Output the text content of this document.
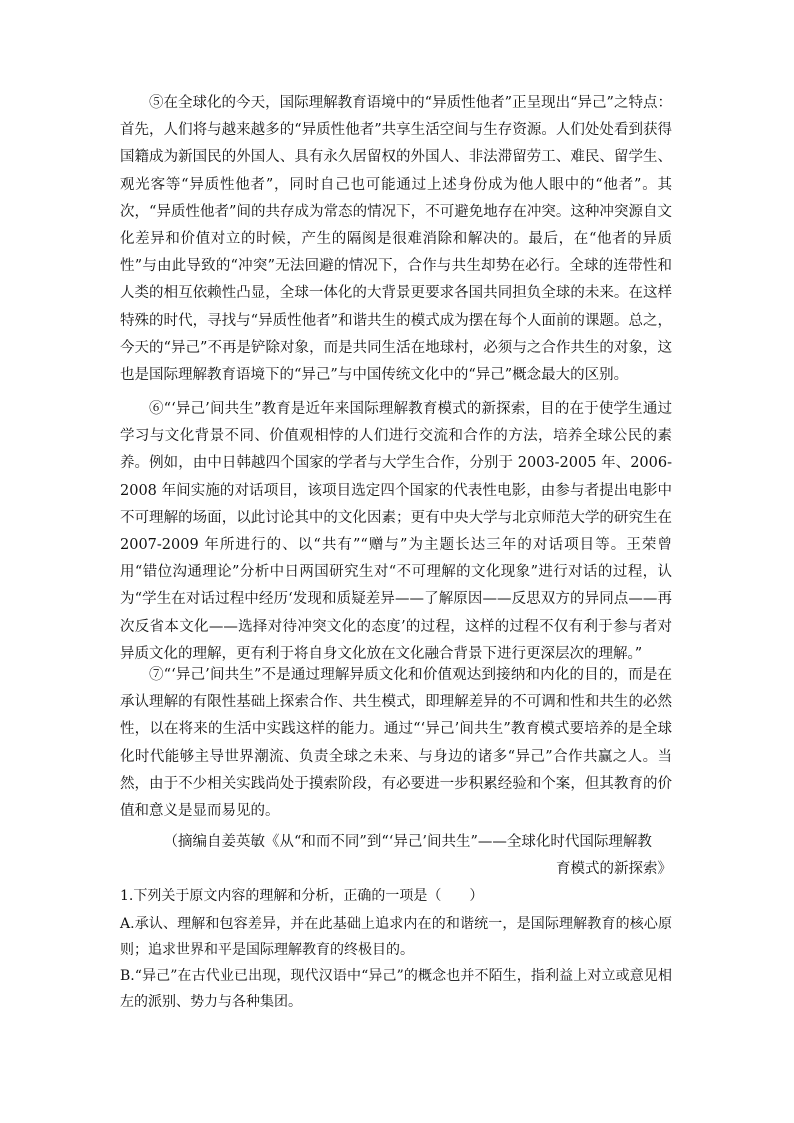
⑤在全球化的今天，国际理解教育语境中的“异质性他者”正呈现出“异己”之特点：首先，人们将与越来越多的“异质性他者”共享生活空间与生存资源。人们处处看到获得国籍成为新国民的外国人、具有永久居留权的外国人、非法滞留劳工、难民、留学生、观光客等“异质性他者”，同时自己也可能通过上述身份成为他人眼中的“他者”。其次，“异质性他者”间的共存成为常态的情况下，不可避免地存在冲突。这种冲突源自文化差异和价值对立的时候，产生的隔阂是很难消除和解决的。最后，在“他者的异质性”与由此导致的“冲突”无法回避的情况下，合作与共生却势在必行。全球的连带性和人类的相互依赖性凸显，全球一体化的大背景更要求各国共同担负全球的未来。在这样特殊的时代，寻找与“异质性他者”和谐共生的模式成为摆在每个人面前的课题。总之，今天的“异己”不再是铲除对象，而是共同生活在地球村，必须与之合作共生的对象，这也是国际理解教育语境下的“异己”与中国传统文化中的“异己”概念最大的区别。

⑥“‘异己’间共生”教育是近年来国际理解教育模式的新探索，目的在于使学生通过学习与文化背景不同、价值观相悖的人们进行交流和合作的方法，培养全球公民的素养。例如，由中日韩越四个国家的学者与大学生合作，分别于 2003-2005 年、2006-2008 年间实施的对话项目，该项目选定四个国家的代表性电影，由参与者提出电影中不可理解的场面，以此讨论其中的文化因素；更有中央大学与北京师范大学的研究生在 2007-2009 年所进行的、以“共有”“赠与”为主题长达三年的对话项目等。王荣曾用“错位沟通理论”分析中日两国研究生对“不可理解的文化现象”进行对话的过程，认为“学生在对话过程中经历‘发现和质疑差异——了解原因——反思双方的异同点——再次反省本文化——选择对待冲突文化的态度’的过程，这样的过程不仅有利于参与者对异质文化的理解，更有利于将自身文化放在文化融合背景下进行更深层次的理解。”

⑦“‘异己’间共生”不是通过理解异质文化和价值观达到接纳和内化的目的，而是在承认理解的有限性基础上探索合作、共生模式，即理解差异的不可调和性和共生的必然性，以在将来的生活中实践这样的能力。通过“‘异己’间共生”教育模式要培养的是全球化时代能够主导世界潮流、负责全球之未来、与身边的诸多“异己”合作共赢之人。当然，由于不少相关实践尚处于摸索阶段，有必要进一步积累经验和个案，但其教育的价值和意义是显而易见的。

（摘编自姜英敏《从“和而不同”到“‘异己’间共生”——全球化时代国际理解教
育模式的新探索》

1.下列关于原文内容的理解和分析，正确的一项是（　　）

A.承认、理解和包容差异，并在此基础上追求内在的和谐统一，是国际理解教育的核心原则；追求世界和平是国际理解教育的终极目的。

B.“异己”在古代业已出现，现代汉语中“异己”的概念也并不陌生，指利益上对立或意见相左的派别、势力与各种集团。
